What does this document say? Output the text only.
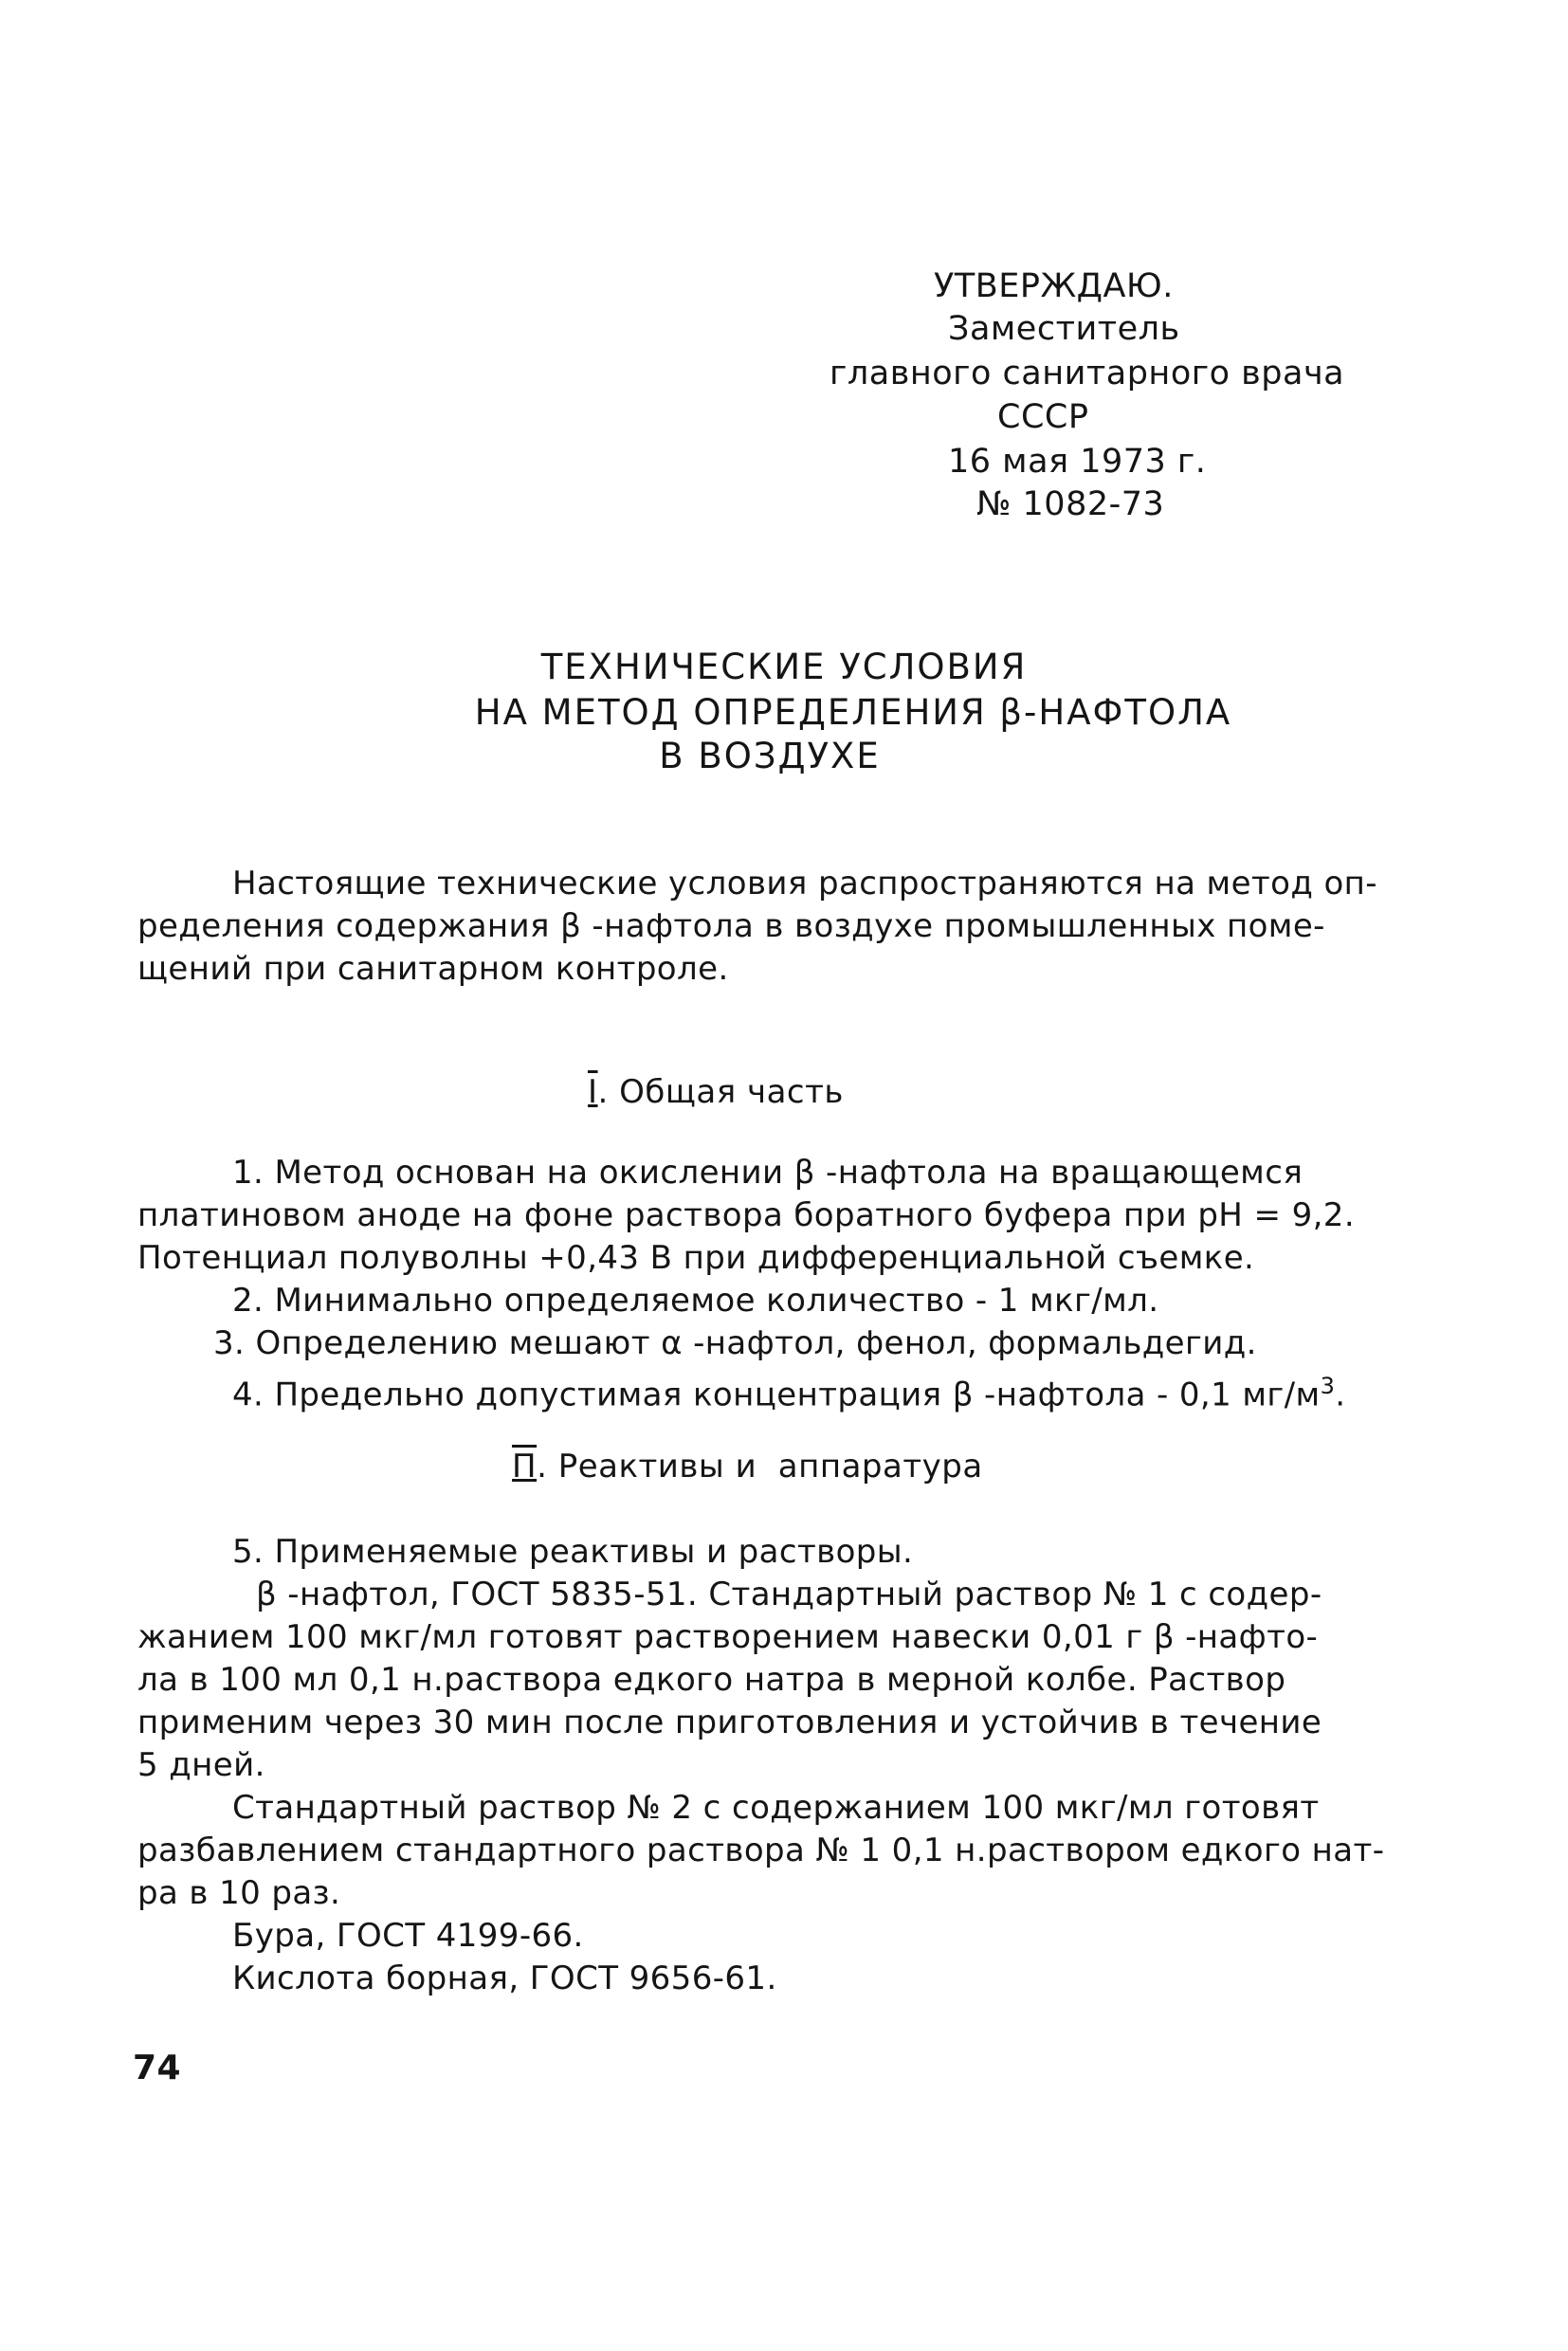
УТВЕРЖДАЮ.
Заместитель
главного санитарного врача
СССР
16 мая 1973 г.
№ 1082-73
ТЕХНИЧЕСКИЕ УСЛОВИЯ
НА МЕТОД ОПРЕДЕЛЕНИЯ β-НАФТОЛА
В ВОЗДУХЕ
Настоящие технические условия распространяются на метод оп-
ределения содержания β -нафтола в воздухе промышленных поме-
щений при санитарном контроле.
I. Общая часть
1. Метод основан на окислении β -нафтола на вращающемся
платиновом аноде на фоне раствора боратного буфера при pH = 9,2.
Потенциал полуволны +0,43 В при дифференциальной съемке.
2. Минимально определяемое количество - 1 мкг/мл.
3. Определению мешают α -нафтол, фенол, формальдегид.
4. Предельно допустимая концентрация β -нафтола - 0,1 $мг/м^3$.
П. Реактивы и  аппаратура
5. Применяемые реактивы и растворы.
β -нафтол, ГОСТ 5835-51. Стандартный раствор № 1 с содер-
жанием 100 мкг/мл готовят растворением навески 0,01 г β -нафто-
ла в 100 мл 0,1 н.раствора едкого натра в мерной колбе. Раствор
применим через 30 мин после приготовления и устойчив в течение
5 дней.
Стандартный раствор № 2 с содержанием 100 мкг/мл готовят
разбавлением стандартного раствора № 1 0,1 н.раствором едкого нат-
ра в 10 раз.
Бура, ГОСТ 4199-66.
Кислота борная, ГОСТ 9656-61.
74
